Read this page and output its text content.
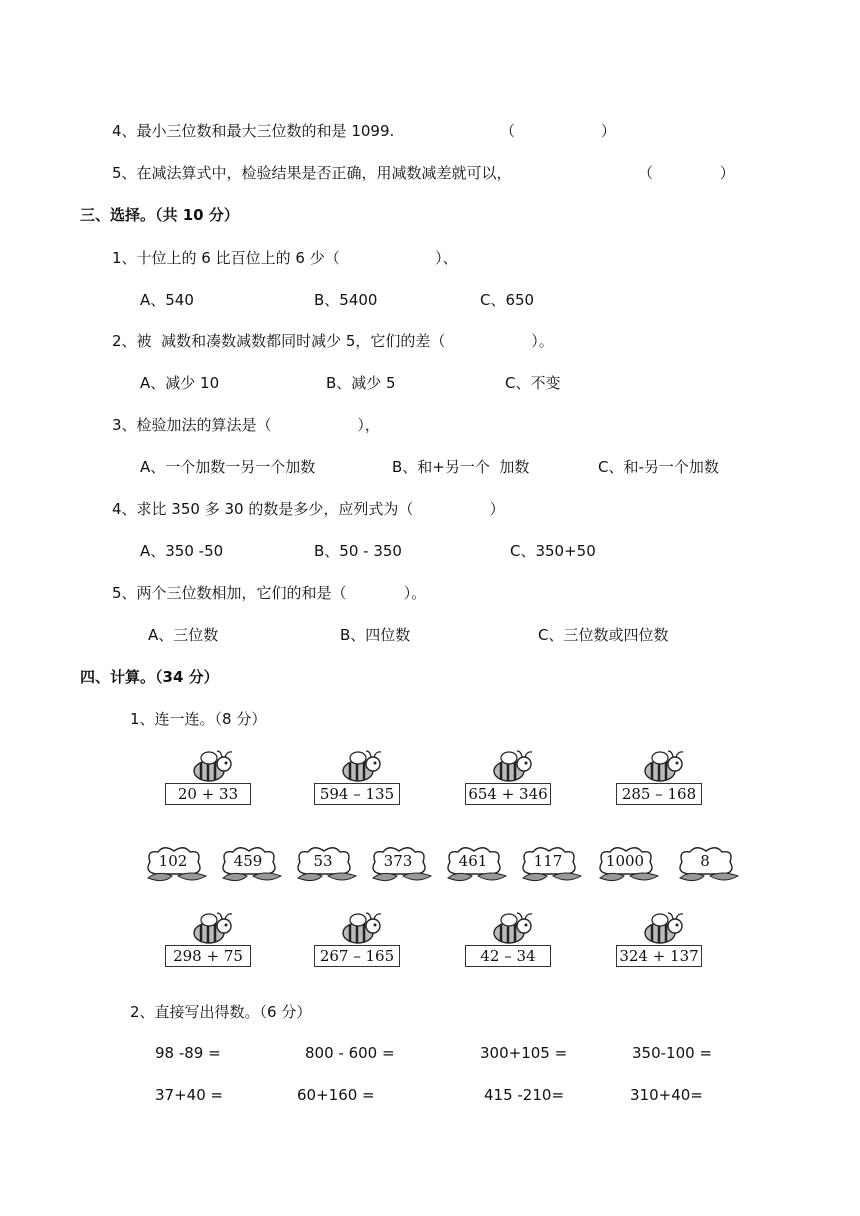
4、最小三位数和最大三位数的和是 1099.	（                  ）
5、在减法算式中，检验结果是否正确，用减数减差就可以，	（              ）
三、选择。（共 10 分）
1、十位上的 6 比百位上的 6 少（                    ）、
A、540	B、5400	C、650
2、被  减数和凑数减数都同时减少 5，它们的差（                  ）。
A、减少 10	B、减少 5	C、不变
3、检验加法的算法是（                  ），
A、一个加数一另一个加数	B、和+另一个  加数	C、和-另一个加数
4、求比 350 多 30 的数是多少，应列式为（                ）
A、350 -50	B、50 - 350	C、350+50
5、两个三位数相加，它们的和是（            ）。
A、三位数	B、四位数	C、三位数或四位数
四、计算。（34 分）
1、连一连。（8 分）
20 + 33	594 – 135	654 + 346	285 – 168
102	459	53	373	461	117	1000	8
298 + 75	267 – 165	42 – 34	324 + 137
2、直接写出得数。（6 分）
98 -89 =	800 - 600 =	300+105 =	350-100 =
37+40 =	60+160 =	415 -210=	310+40=
